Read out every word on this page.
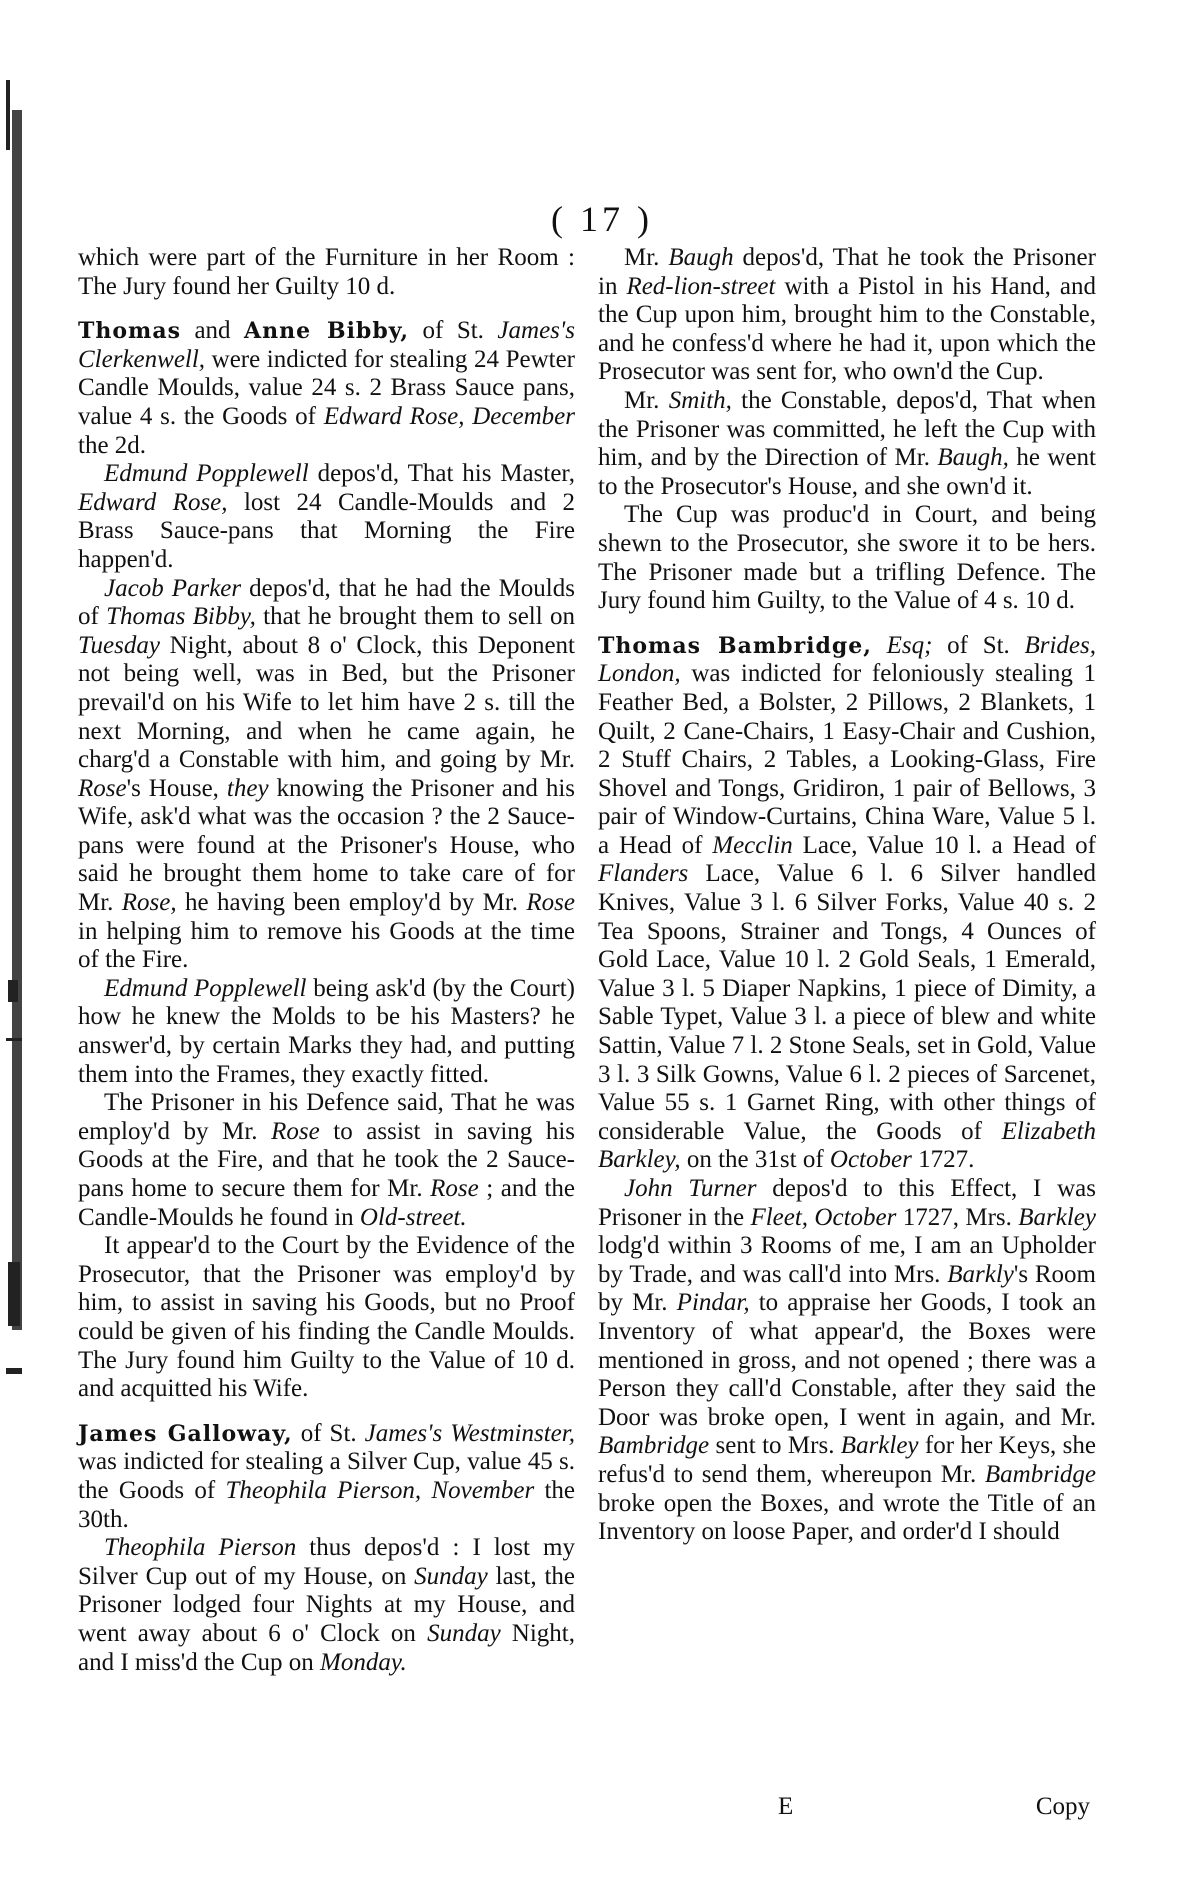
( 17 )

which were part of the Furniture in her Room : The Jury found her Guilty 10 d.

Thomas and Anne Bibby, of St. James's Clerkenwell, were indicted for stealing 24 Pewter Candle Moulds, value 24 s. 2 Brass Sauce pans, value 4 s. the Goods of Edward Rose, December the 2d.

Edmund Popplewell depos'd, That his Master, Edward Rose, lost 24 Candle-Moulds and 2 Brass Sauce-pans that Morning the Fire happen'd.

Jacob Parker depos'd, that he had the Moulds of Thomas Bibby, that he brought them to sell on Tuesday Night, about 8 o' Clock, this Deponent not being well, was in Bed, but the Prisoner prevail'd on his Wife to let him have 2 s. till the next Morning, and when he came again, he charg'd a Constable with him, and going by Mr. Rose's House, they knowing the Prisoner and his Wife, ask'd what was the occasion ? the 2 Sauce-pans were found at the Prisoner's House, who said he brought them home to take care of for Mr. Rose, he having been employ'd by Mr. Rose in helping him to remove his Goods at the time of the Fire.

Edmund Popplewell being ask'd (by the Court) how he knew the Molds to be his Masters? he answer'd, by certain Marks they had, and putting them into the Frames, they exactly fitted.

The Prisoner in his Defence said, That he was employ'd by Mr. Rose to assist in saving his Goods at the Fire, and that he took the 2 Sauce-pans home to secure them for Mr. Rose ; and the Candle-Moulds he found in Old-street.

It appear'd to the Court by the Evidence of the Prosecutor, that the Prisoner was employ'd by him, to assist in saving his Goods, but no Proof could be given of his finding the Candle Moulds. The Jury found him Guilty to the Value of 10 d. and acquitted his Wife.

James Galloway, of St. James's Westminster, was indicted for stealing a Silver Cup, value 45 s. the Goods of Theophila Pierson, November the 30th.

Theophila Pierson thus depos'd : I lost my Silver Cup out of my House, on Sunday last, the Prisoner lodged four Nights at my House, and went away about 6 o' Clock on Sunday Night, and I miss'd the Cup on Monday.

Mr. Baugh depos'd, That he took the Prisoner in Red-lion-street with a Pistol in his Hand, and the Cup upon him, brought him to the Constable, and he confess'd where he had it, upon which the Prosecutor was sent for, who own'd the Cup.

Mr. Smith, the Constable, depos'd, That when the Prisoner was committed, he left the Cup with him, and by the Direction of Mr. Baugh, he went to the Prosecutor's House, and she own'd it.

The Cup was produc'd in Court, and being shewn to the Prosecutor, she swore it to be hers. The Prisoner made but a trifling Defence. The Jury found him Guilty, to the Value of 4 s. 10 d.

Thomas Bambridge, Esq; of St. Brides, London, was indicted for feloniously stealing 1 Feather Bed, a Bolster, 2 Pillows, 2 Blankets, 1 Quilt, 2 Cane-Chairs, 1 Easy-Chair and Cushion, 2 Stuff Chairs, 2 Tables, a Looking-Glass, Fire Shovel and Tongs, Gridiron, 1 pair of Bellows, 3 pair of Window-Curtains, China Ware, Value 5 l. a Head of Mecclin Lace, Value 10 l. a Head of Flanders Lace, Value 6 l. 6 Silver handled Knives, Value 3 l. 6 Silver Forks, Value 40 s. 2 Tea Spoons, Strainer and Tongs, 4 Ounces of Gold Lace, Value 10 l. 2 Gold Seals, 1 Emerald, Value 3 l. 5 Diaper Napkins, 1 piece of Dimity, a Sable Typet, Value 3 l. a piece of blew and white Sattin, Value 7 l. 2 Stone Seals, set in Gold, Value 3 l. 3 Silk Gowns, Value 6 l. 2 pieces of Sarcenet, Value 55 s. 1 Garnet Ring, with other things of considerable Value, the Goods of Elizabeth Barkley, on the 31st of October 1727.

John Turner depos'd to this Effect, I was Prisoner in the Fleet, October 1727, Mrs. Barkley lodg'd within 3 Rooms of me, I am an Upholder by Trade, and was call'd into Mrs. Barkly's Room by Mr. Pindar, to appraise her Goods, I took an Inventory of what appear'd, the Boxes were mentioned in gross, and not opened ; there was a Person they call'd Constable, after they said the Door was broke open, I went in again, and Mr. Bambridge sent to Mrs. Barkley for her Keys, she refus'd to send them, whereupon Mr. Bambridge broke open the Boxes, and wrote the Title of an Inventory on loose Paper, and order'd I should

E	Copy
